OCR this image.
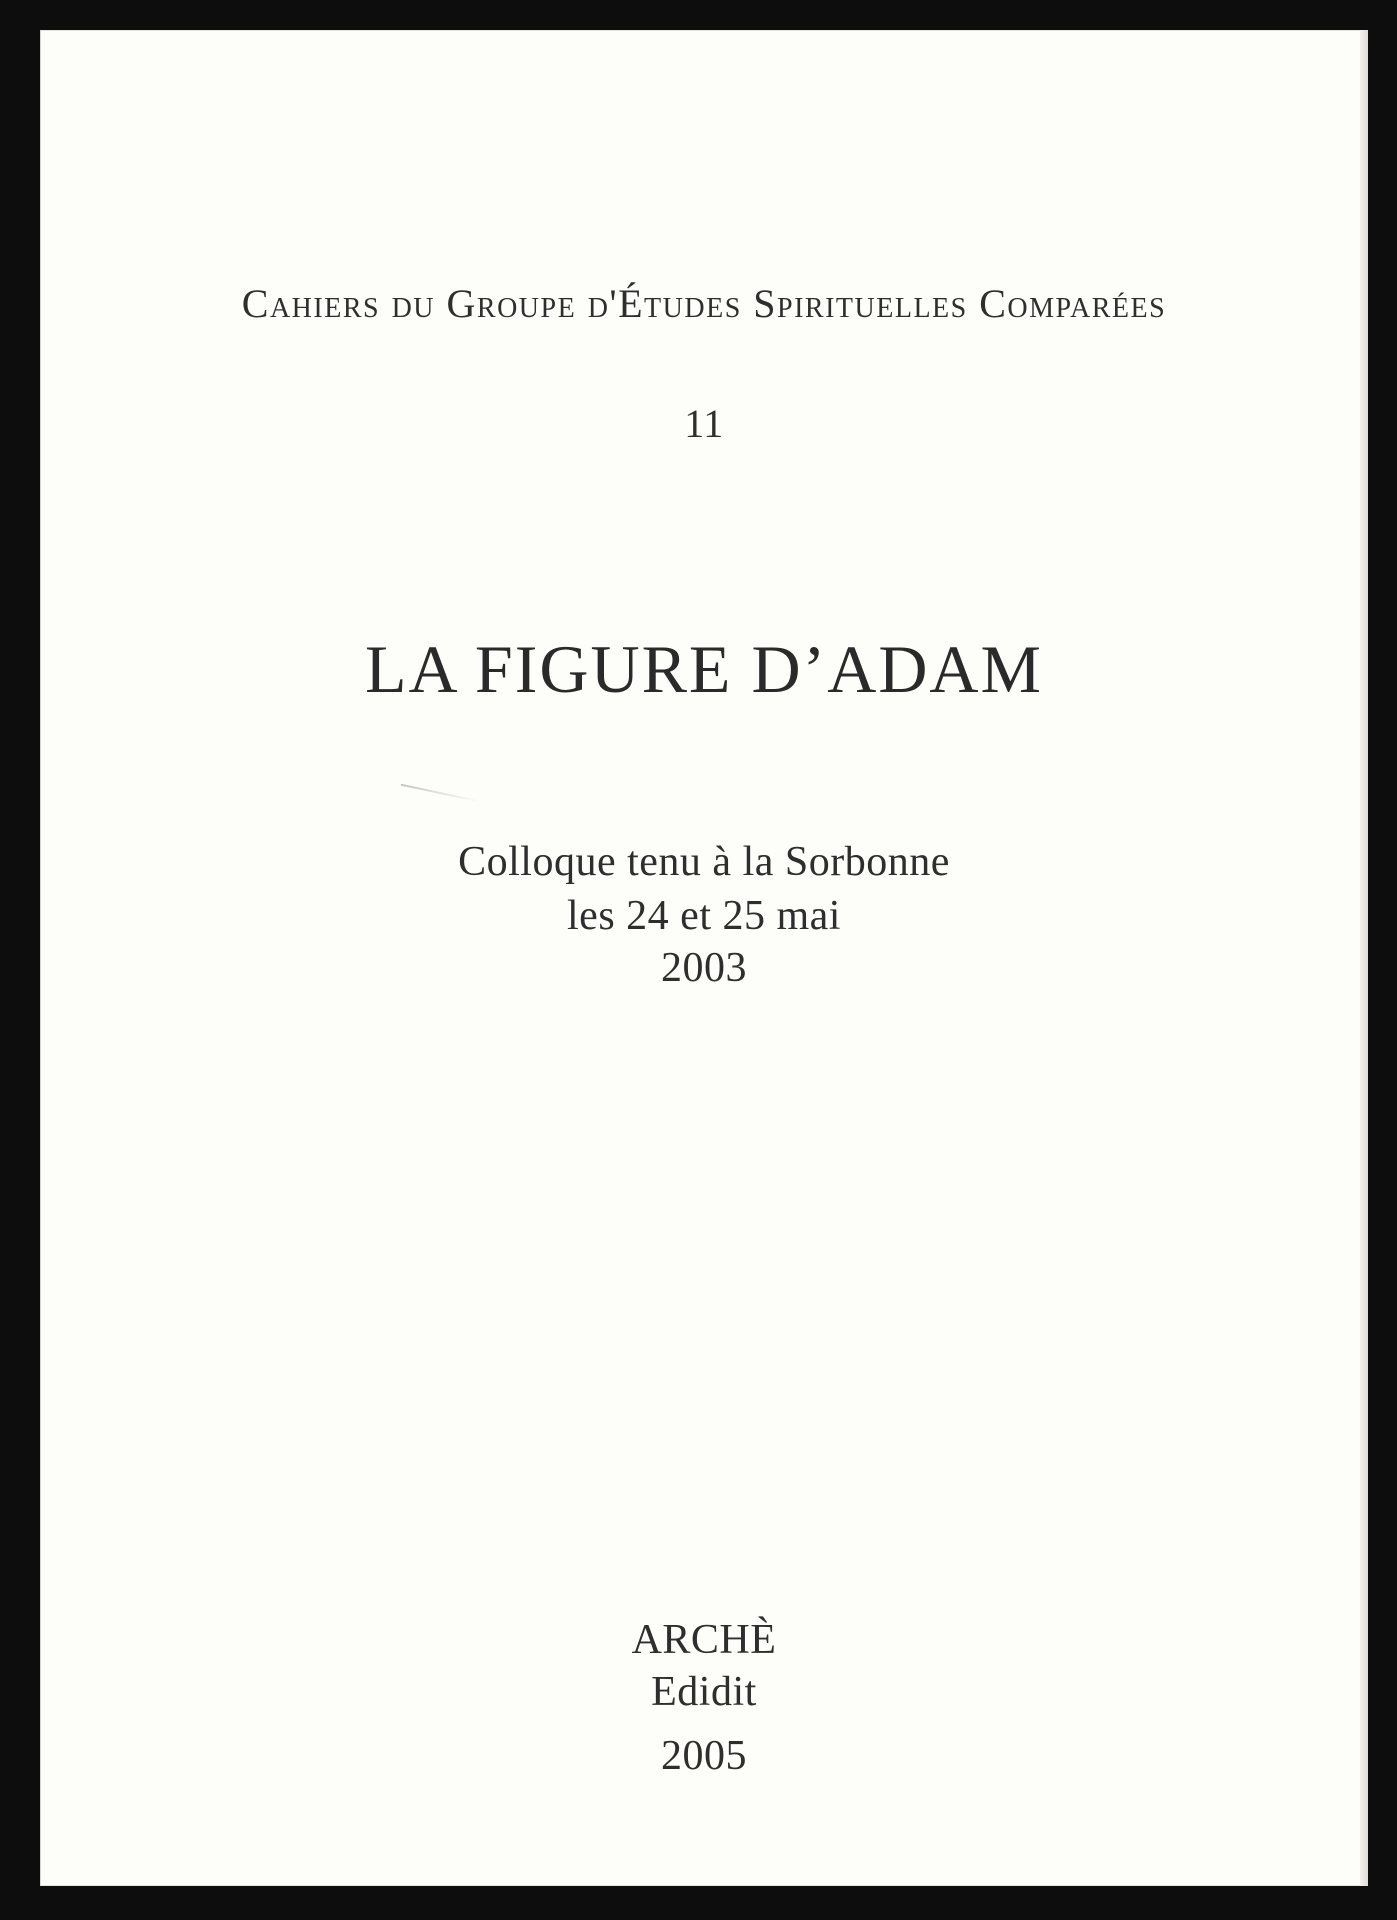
Cahiers du Groupe d'Études Spirituelles Comparées
11
LA FIGURE D’ADAM
Colloque tenu à la Sorbonne
les 24 et 25 mai
2003
ARCHÈ
Edidit
2005
